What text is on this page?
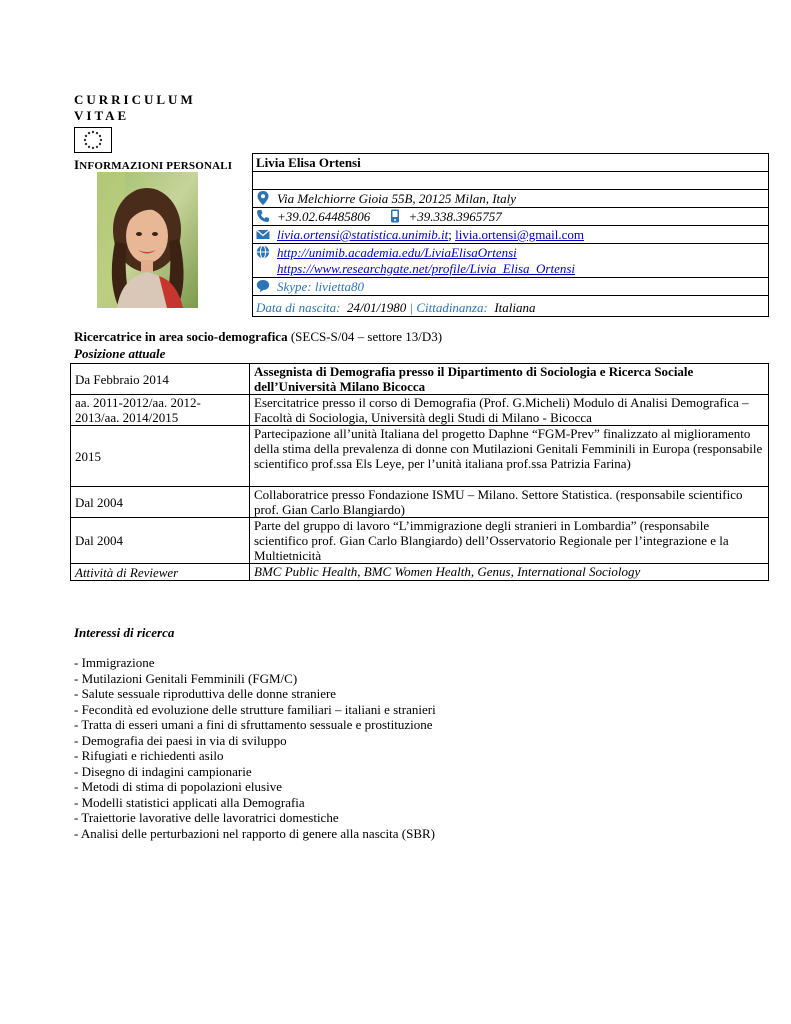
CURRICULUM
VITAE
INFORMAZIONI PERSONALI Livia Elisa Ortensi

Via Melchiorre Gioia 55B, 20125 Milan, Italy
+39.02.64485806	+39.338.3965757
livia.ortensi@statistica.unimib.it; livia.ortensi@gmail.com
http://unimib.academia.edu/LiviaElisaOrtensi
https://www.researchgate.net/profile/Livia_Elisa_Ortensi
Skype: livietta80
Data di nascita: 24/01/1980 | Cittadinanza: Italiana
Ricercatrice in area socio-demografica (SECS-S/04 – settore 13/D3)
Posizione attuale
Da Febbraio 2014	Assegnista di Demografia presso il Dipartimento di Sociologia e Ricerca Sociale dell’Università Milano Bicocca
aa. 2011-2012/aa. 2012-2013/aa. 2014/2015	Esercitatrice presso il corso di Demografia (Prof. G.Micheli) Modulo di Analisi Demografica – Facoltà di Sociologia, Università degli Studi di Milano - Bicocca
2015	Partecipazione all’unità Italiana del progetto Daphne “FGM-Prev” finalizzato al miglioramento della stima della prevalenza di donne con Mutilazioni Genitali Femminili in Europa (responsabile scientifico prof.ssa Els Leye, per l’unità italiana prof.ssa Patrizia Farina)
Dal 2004	Collaboratrice presso Fondazione ISMU – Milano. Settore Statistica. (responsabile scientifico prof. Gian Carlo Blangiardo)
Dal 2004	Parte del gruppo di lavoro “L’immigrazione degli stranieri in Lombardia” (responsabile scientifico prof. Gian Carlo Blangiardo) dell’Osservatorio Regionale per l’integrazione e la Multietnicità
Attività di Reviewer	BMC Public Health, BMC Women Health, Genus, International Sociology
Interessi di ricerca
- Immigrazione
- Mutilazioni Genitali Femminili (FGM/C)
- Salute sessuale riproduttiva delle donne straniere
- Fecondità ed evoluzione delle strutture familiari – italiani e stranieri
- Tratta di esseri umani a fini di sfruttamento sessuale e prostituzione
- Demografia dei paesi in via di sviluppo
- Rifugiati e richiedenti asilo
- Disegno di indagini campionarie
- Metodi di stima di popolazioni elusive
- Modelli statistici applicati alla Demografia
- Traiettorie lavorative delle lavoratrici domestiche
- Analisi delle perturbazioni nel rapporto di genere alla nascita (SBR)
